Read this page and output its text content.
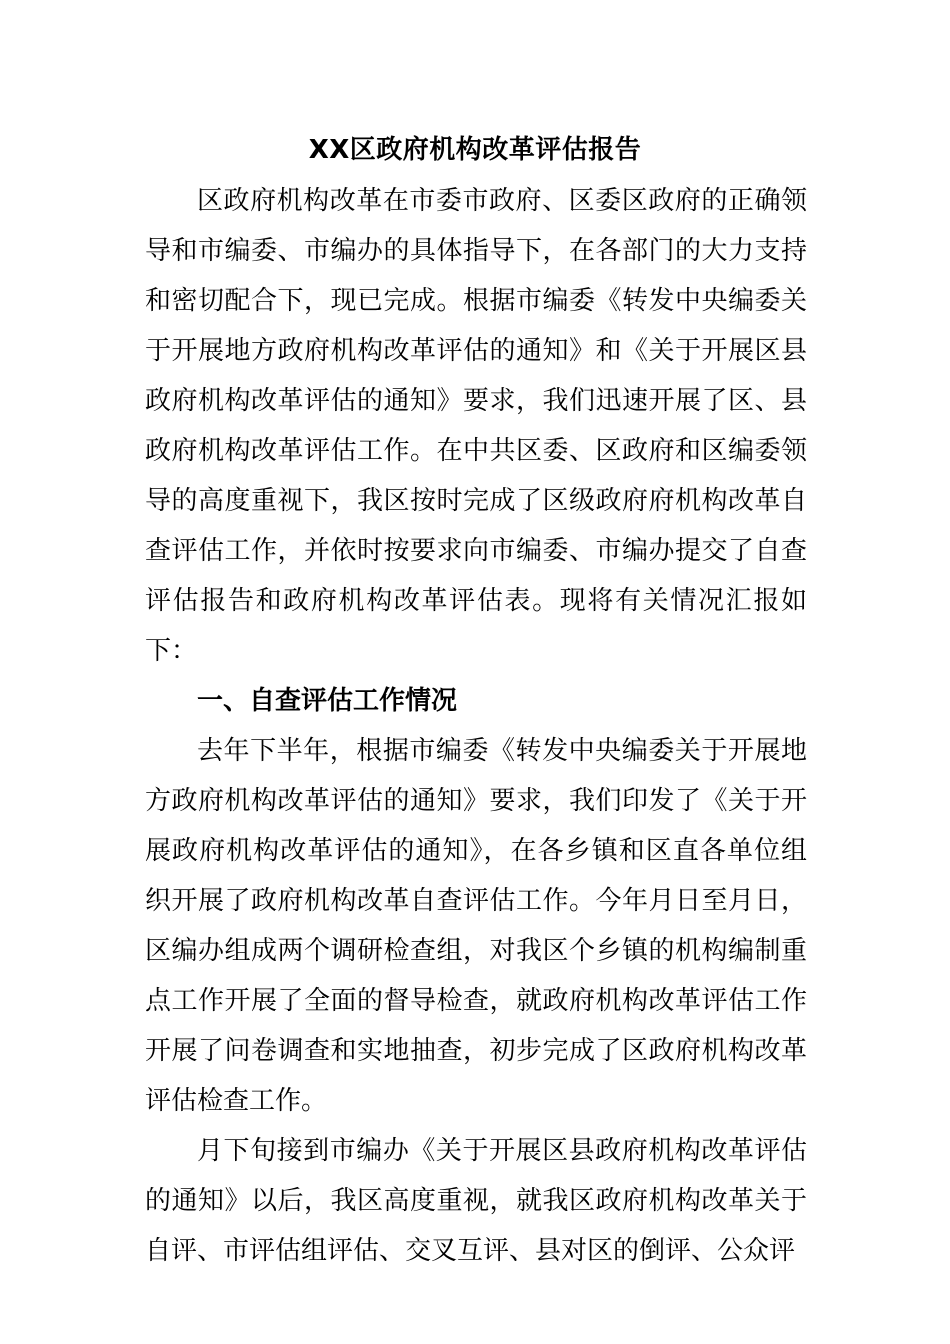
XX区政府机构改革评估报告

区政府机构改革在市委市政府、区委区政府的正确领导和市编委、市编办的具体指导下，在各部门的大力支持和密切配合下，现已完成。根据市编委《转发中央编委关于开展地方政府机构改革评估的通知》和《关于开展区县政府机构改革评估的通知》要求，我们迅速开展了区、县政府机构改革评估工作。在中共区委、区政府和区编委领导的高度重视下，我区按时完成了区级政府府机构改革自查评估工作，并依时按要求向市编委、市编办提交了自查评估报告和政府机构改革评估表。现将有关情况汇报如下：

一、自查评估工作情况

去年下半年，根据市编委《转发中央编委关于开展地方政府机构改革评估的通知》要求，我们印发了《关于开展政府机构改革评估的通知》，在各乡镇和区直各单位组织开展了政府机构改革自查评估工作。今年月日至月日，区编办组成两个调研检查组，对我区个乡镇的机构编制重点工作开展了全面的督导检查，就政府机构改革评估工作开展了问卷调查和实地抽查，初步完成了区政府机构改革评估检查工作。

月下旬接到市编办《关于开展区县政府机构改革评估的通知》以后，我区高度重视，就我区政府机构改革关于自评、市评估组评估、交叉互评、县对区的倒评、公众评
